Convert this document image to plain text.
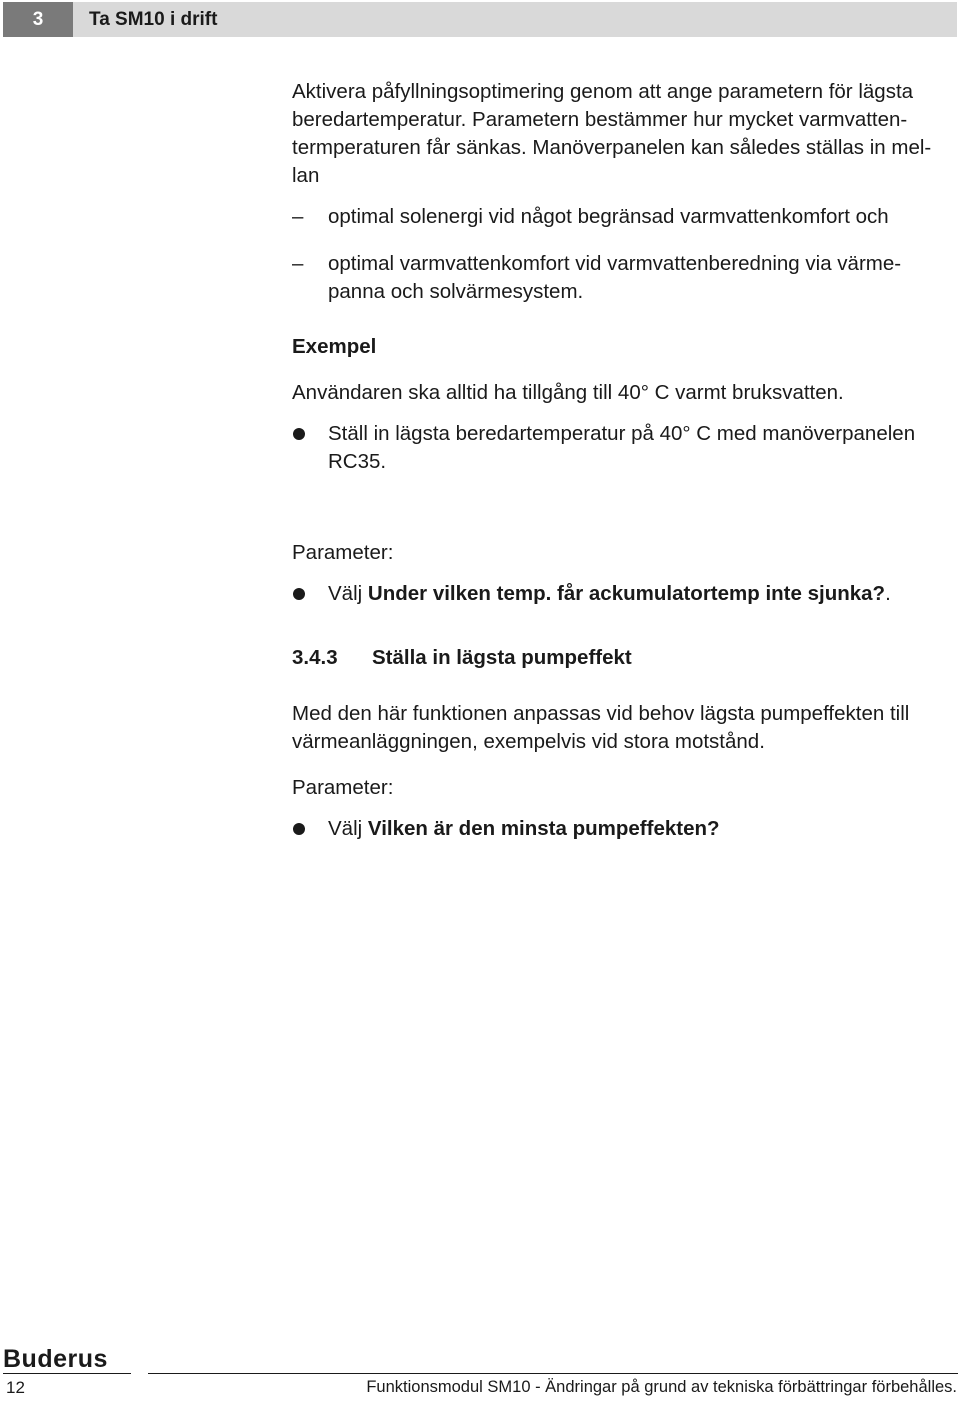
3	Ta SM10 i drift

Aktivera påfyllningsoptimering genom att ange parametern för lägsta
beredartemperatur. Parametern bestämmer hur mycket varmvatten-
termperaturen får sänkas. Manöverpanelen kan således ställas in mel-
lan

– optimal solenergi vid något begränsad varmvattenkomfort och
– optimal varmvattenkomfort vid varmvattenberedning via värme-
panna och solvärmesystem.

Exempel

Användaren ska alltid ha tillgång till 40° C varmt bruksvatten.

Ställ in lägsta beredartemperatur på 40° C med manöverpanelen
RC35.

Parameter:

Välj Under vilken temp. får ackumulatortemp inte sjunka?.

3.4.3 Ställa in lägsta pumpeffekt

Med den här funktionen anpassas vid behov lägsta pumpeffekten till
värmeanläggningen, exempelvis vid stora motstånd.

Parameter:

Välj Vilken är den minsta pumpeffekten?
Buderus
12	Funktionsmodul SM10 - Ändringar på grund av tekniska förbättringar förbehålles.
